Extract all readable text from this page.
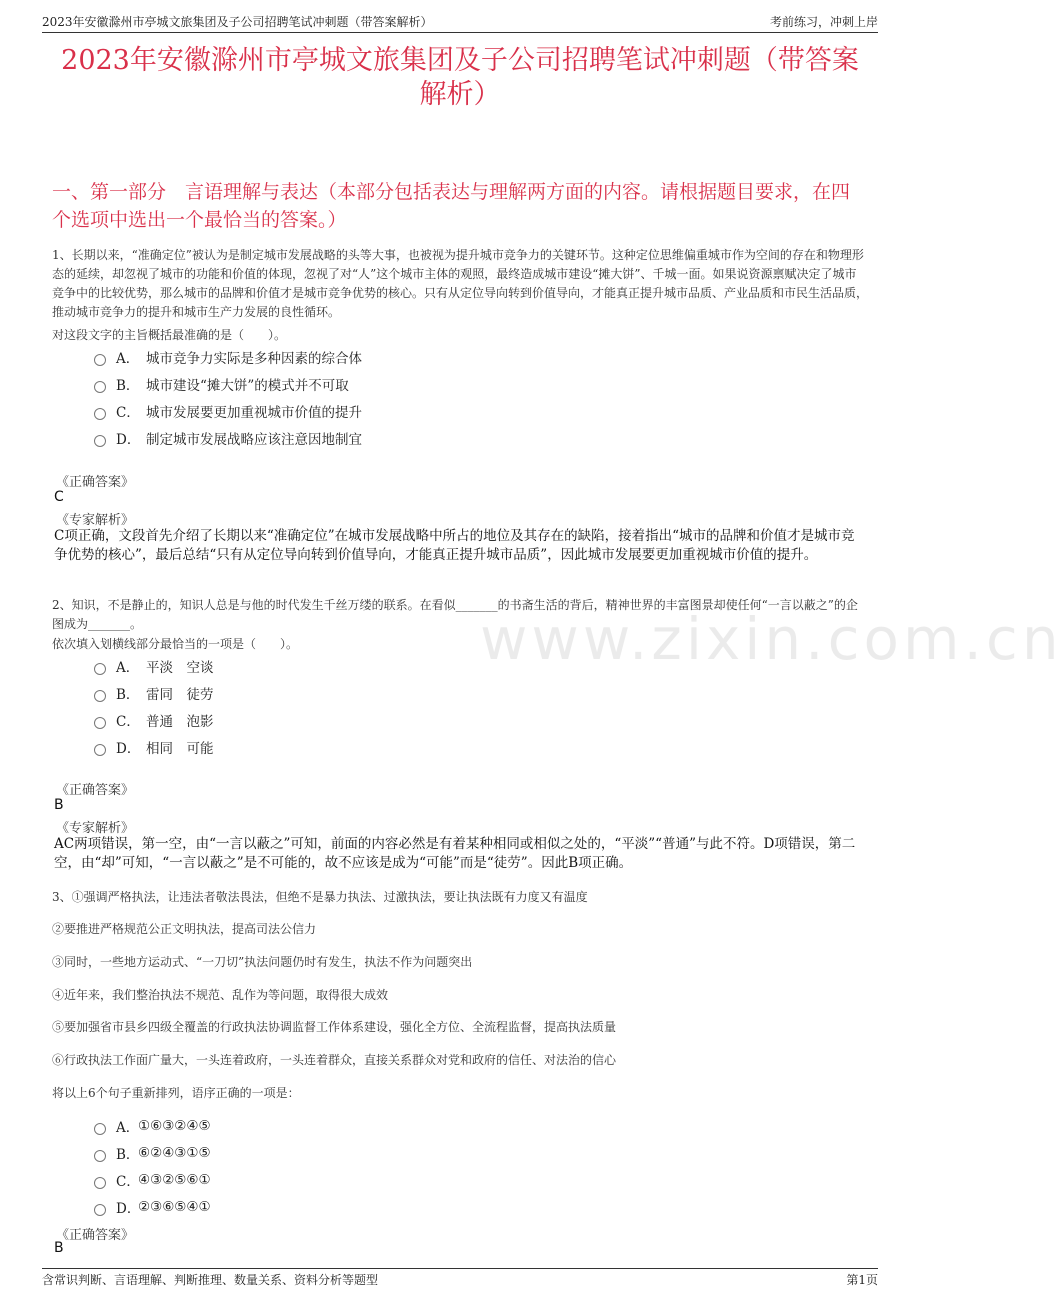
2023年安徽滁州市亭城文旅集团及子公司招聘笔试冲刺题（带答案解析）	考前练习，冲刺上岸
2023年安徽滁州市亭城文旅集团及子公司招聘笔试冲刺题（带答案解析）
一、第一部分　言语理解与表达（本部分包括表达与理解两方面的内容。请根据题目要求，在四个选项中选出一个最恰当的答案。）
www.zixin.com.cn
1、长期以来，“准确定位”被认为是制定城市发展战略的头等大事，也被视为提升城市竞争力的关键环节。这种定位思维偏重城市作为空间的存在和物理形态的延续，却忽视了城市的功能和价值的体现，忽视了对“人”这个城市主体的观照，最终造成城市建设“摊大饼”、千城一面。如果说资源禀赋决定了城市竞争中的比较优势，那么城市的品牌和价值才是城市竞争优势的核心。只有从定位导向转到价值导向，才能真正提升城市品质、产业品质和市民生活品质，推动城市竞争力的提升和城市生产力发展的良性循环。
对这段文字的主旨概括最准确的是（　　）。
A． 城市竞争力实际是多种因素的综合体
B． 城市建设“摊大饼”的模式并不可取
C． 城市发展要更加重视城市价值的提升
D． 制定城市发展战略应该注意因地制宜
《正确答案》
C
《专家解析》
C项正确，文段首先介绍了长期以来“准确定位”在城市发展战略中所占的地位及其存在的缺陷，接着指出“城市的品牌和价值才是城市竞争优势的核心”，最后总结“只有从定位导向转到价值导向，才能真正提升城市品质”，因此城市发展要更加重视城市价值的提升。
2、知识，不是静止的，知识人总是与他的时代发生千丝万缕的联系。在看似_______的书斋生活的背后，精神世界的丰富图景却使任何“一言以蔽之”的企图成为_______。
依次填入划横线部分最恰当的一项是（　　）。
A． 平淡　空谈
B． 雷同　徒劳
C． 普通　泡影
D． 相同　可能
《正确答案》
B
《专家解析》
AC两项错误，第一空，由“一言以蔽之”可知，前面的内容必然是有着某种相同或相似之处的，“平淡”“普通”与此不符。D项错误，第二空，由“却”可知，“一言以蔽之”是不可能的，故不应该是成为“可能”而是“徒劳”。因此B项正确。
3、①强调严格执法，让违法者敬法畏法，但绝不是暴力执法、过激执法，要让执法既有力度又有温度
②要推进严格规范公正文明执法，提高司法公信力
③同时，一些地方运动式、“一刀切”执法问题仍时有发生，执法不作为问题突出
④近年来，我们整治执法不规范、乱作为等问题，取得很大成效
⑤要加强省市县乡四级全覆盖的行政执法协调监督工作体系建设，强化全方位、全流程监督，提高执法质量
⑥行政执法工作面广量大，一头连着政府，一头连着群众，直接关系群众对党和政府的信任、对法治的信心
将以上6个句子重新排列，语序正确的一项是：
A．
①⑥③②④⑤
B．
⑥②④③①⑤
C．
④③②⑤⑥①
D．
②③⑥⑤④①
《正确答案》
B
含常识判断、言语理解、判断推理、数量关系、资料分析等题型	第1页
